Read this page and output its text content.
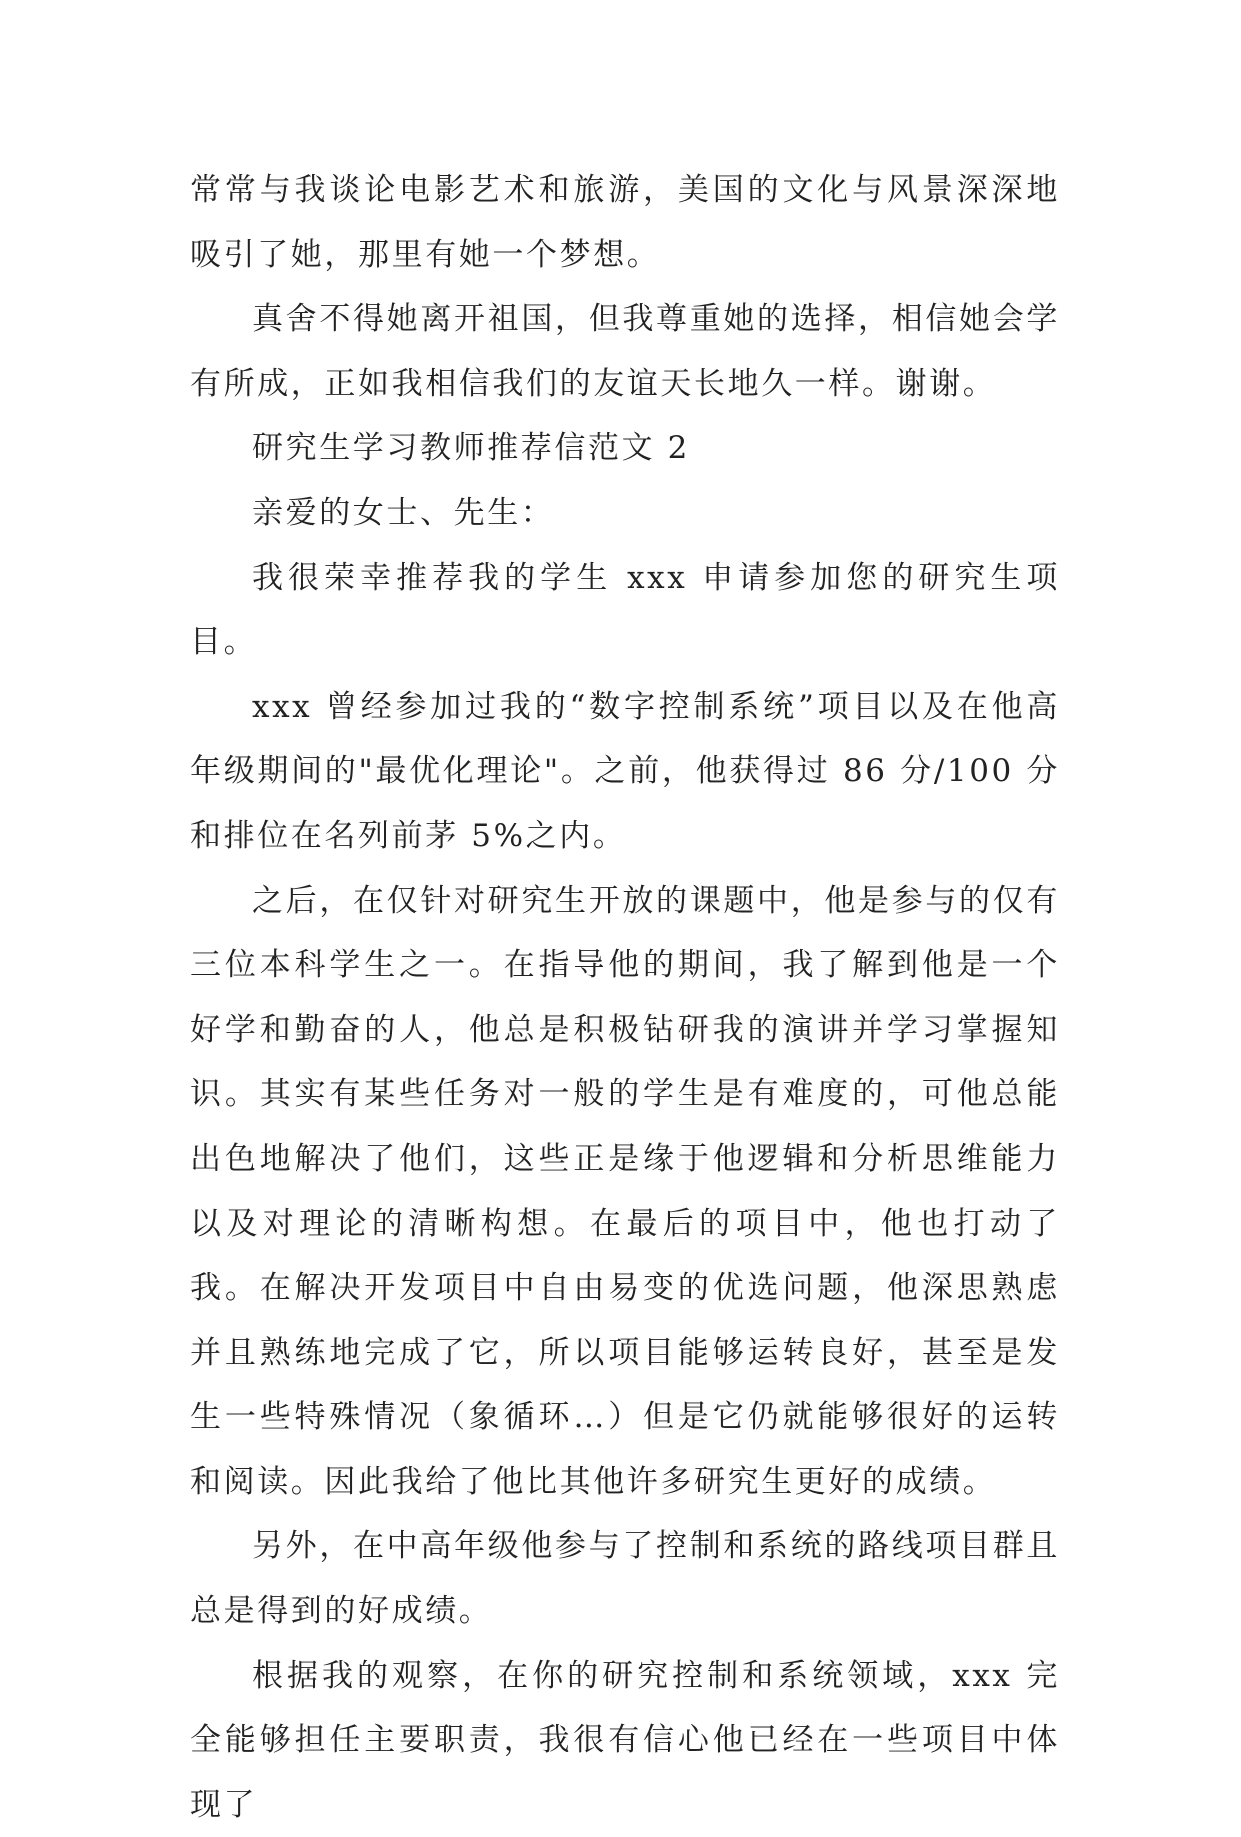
常常与我谈论电影艺术和旅游，美国的文化与风景深深地吸引了她，那里有她一个梦想。

真舍不得她离开祖国，但我尊重她的选择，相信她会学有所成，正如我相信我们的友谊天长地久一样。谢谢。

研究生学习教师推荐信范文 2

亲爱的女士、先生：

我很荣幸推荐我的学生 xxx 申请参加您的研究生项目。

xxx 曾经参加过我的“数字控制系统”项目以及在他高年级期间的"最优化理论"。之前，他获得过 86 分/100 分和排位在名列前茅 5%之内。

之后，在仅针对研究生开放的课题中，他是参与的仅有三位本科学生之一。在指导他的期间，我了解到他是一个好学和勤奋的人，他总是积极钻研我的演讲并学习掌握知识。其实有某些任务对一般的学生是有难度的，可他总能出色地解决了他们，这些正是缘于他逻辑和分析思维能力以及对理论的清晰构想。在最后的项目中，他也打动了我。在解决开发项目中自由易变的优选问题，他深思熟虑并且熟练地完成了它，所以项目能够运转良好，甚至是发生一些特殊情况（象循环…）但是它仍就能够很好的运转和阅读。因此我给了他比其他许多研究生更好的成绩。

另外，在中高年级他参与了控制和系统的路线项目群且总是得到的好成绩。

根据我的观察，在你的研究控制和系统领域，xxx 完全能够担任主要职责，我很有信心他已经在一些项目中体现了
